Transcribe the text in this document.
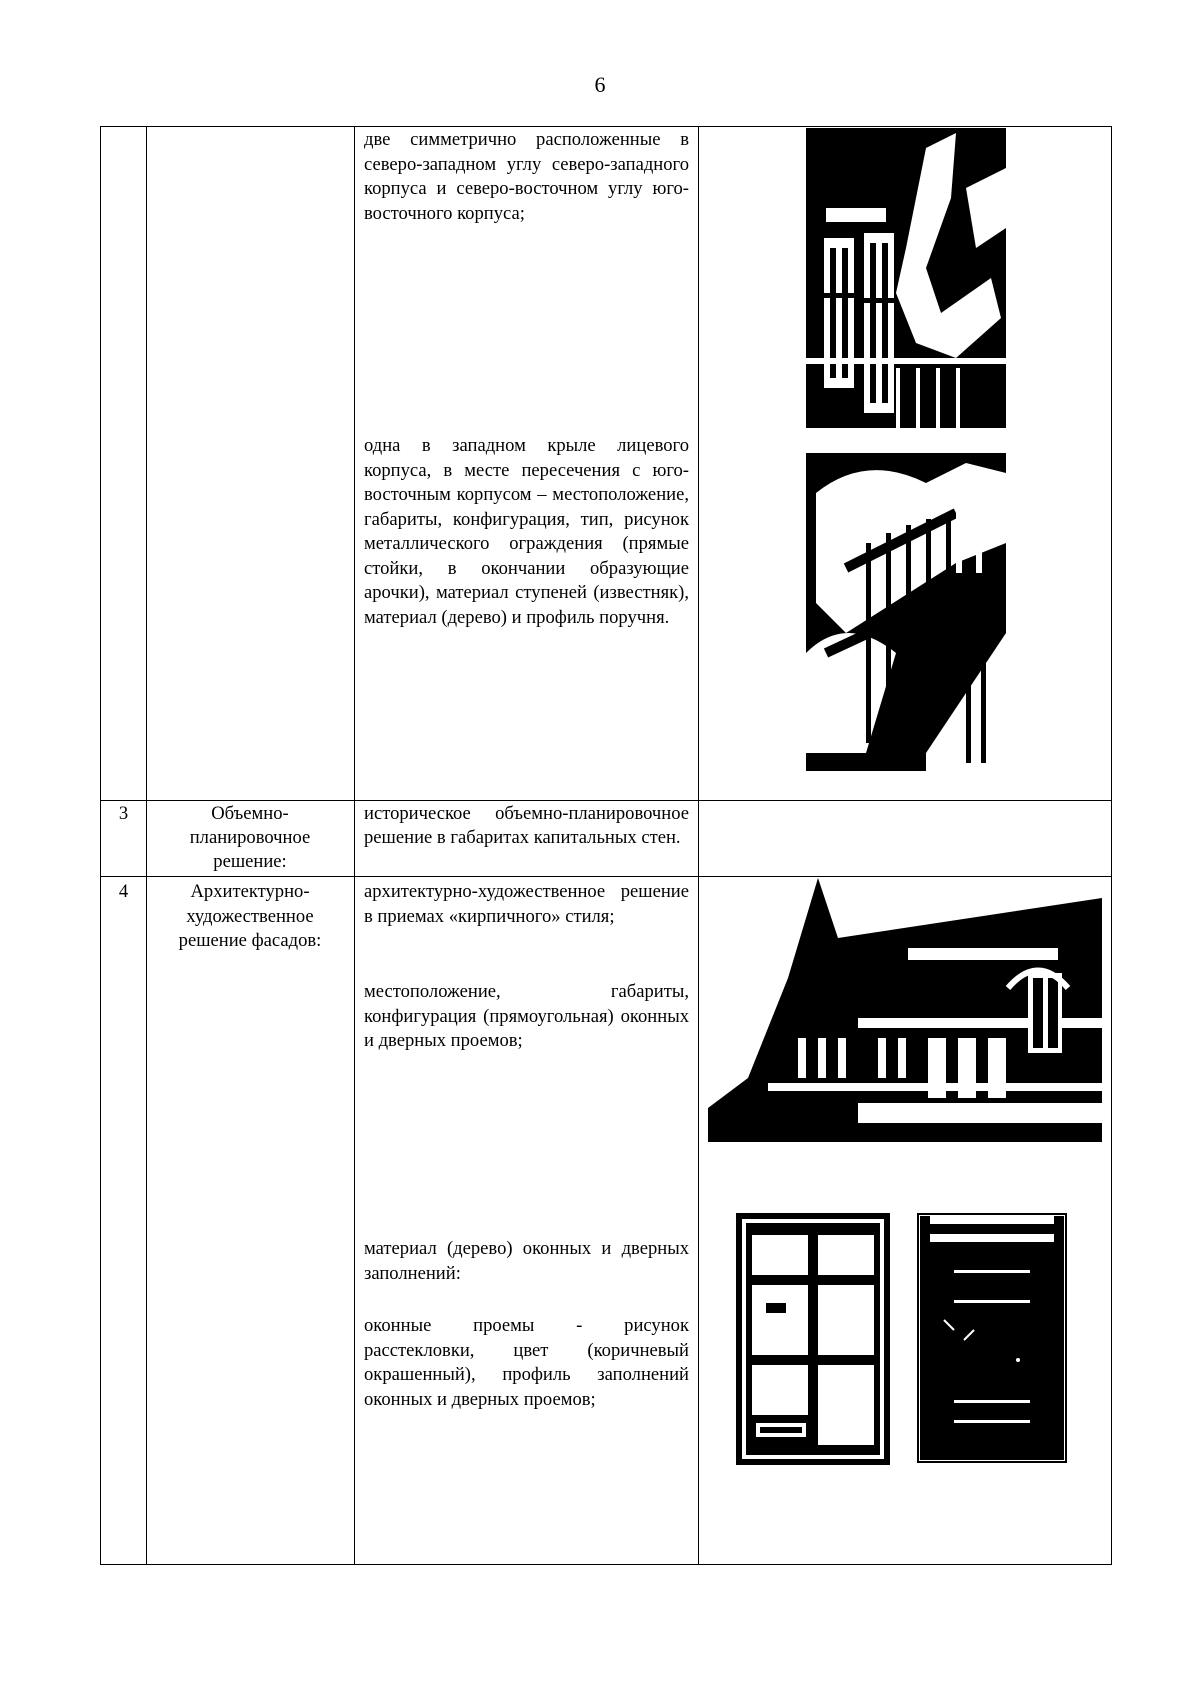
6
две симметрично расположенные в северо-западном углу северо-западного корпуса и северо-восточном углу юго-восточного корпуса;
одна в западном крыле лицевого корпуса, в месте пересечения с юго-восточным корпусом – местоположение, габариты, конфигурация, тип, рисунок металлического ограждения (прямые стойки, в окончании образующие арочки), материал ступеней (известняк), материал (дерево) и профиль поручня.
3	Объемно-планировочное решение:
историческое объемно-планировочное решение в габаритах капитальных стен.
4	Архитектурно-художественное решение фасадов:
архитектурно-художественное решение в приемах «кирпичного» стиля;
местоположение, габариты, конфигурация (прямоугольная) оконных и дверных проемов;
материал (дерево) оконных и дверных заполнений:
оконные проемы - рисунок расстекловки, цвет (коричневый окрашенный), профиль заполнений оконных и дверных проемов;
